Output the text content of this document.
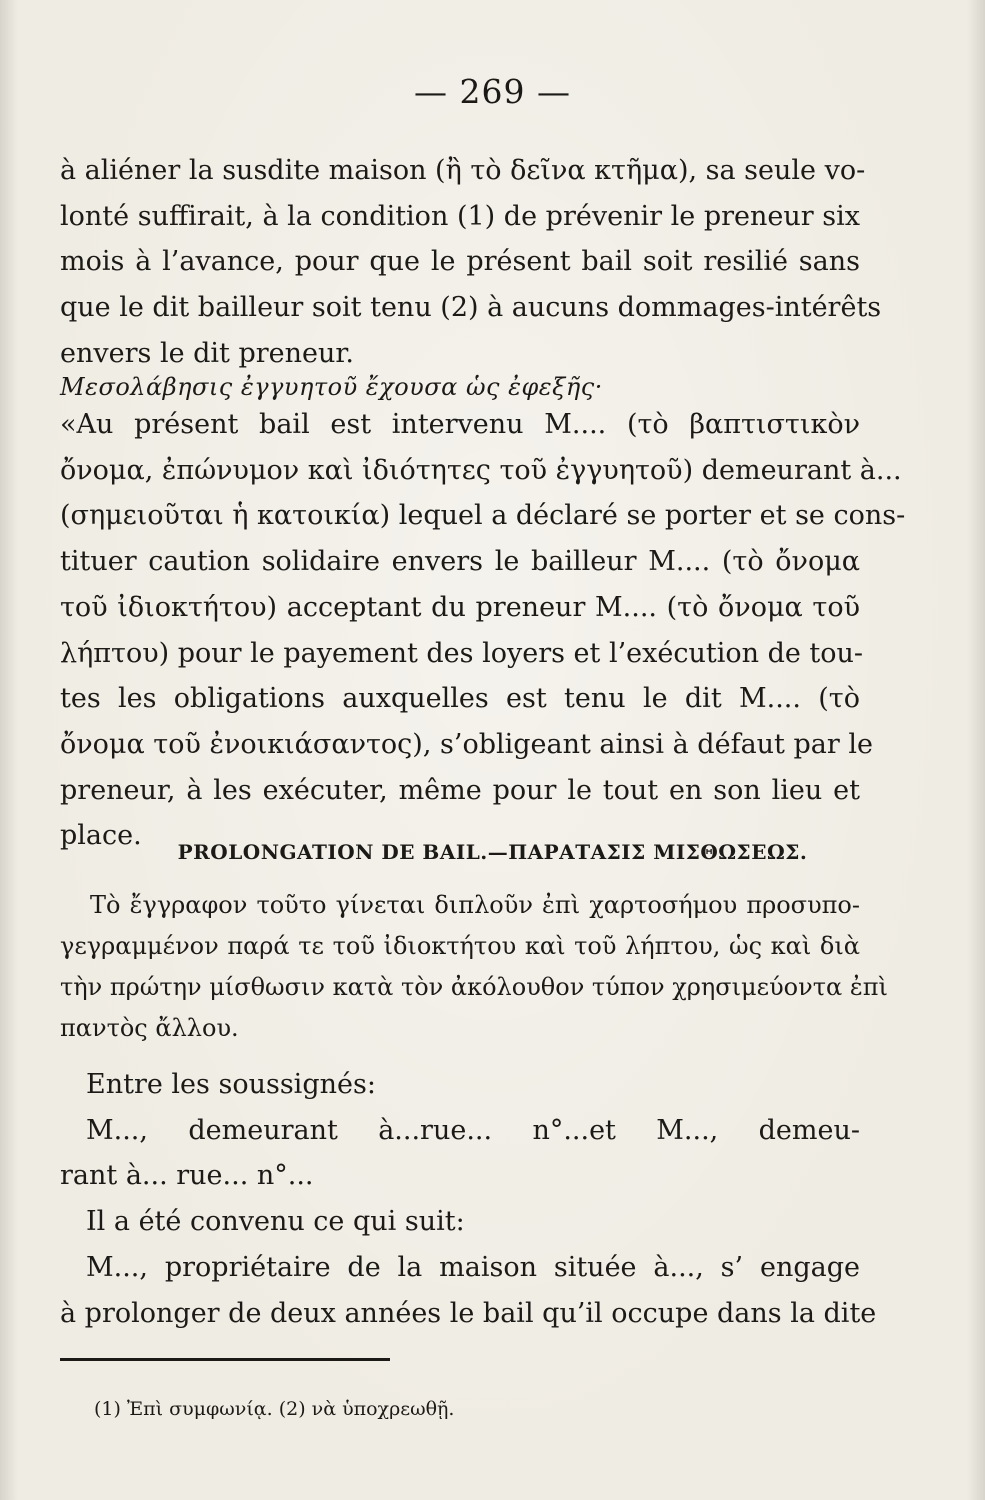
— 269 —
à aliéner la susdite maison (ἢ τὸ δεῖνα κτῆμα), sa seule vo-
lonté suffirait, à la condition (1) de prévenir le preneur six
mois à l’avance, pour que le présent bail soit resilié sans
que le dit bailleur soit tenu (2) à aucuns dommages-intérêts
envers le dit preneur.
Μεσολάβησις ἐγγυητοῦ ἔχουσα ὡς ἐφεξῆς·
«Au présent bail est intervenu M.... (τὸ βαπτιστικὸν
ὄνομα, ἐπώνυμον καὶ ἰδιότητες τοῦ ἐγγυητοῦ) demeurant à...
(σημειοῦται ἡ κατοικία) lequel a déclaré se porter et se cons-
tituer caution solidaire envers le bailleur M.... (τὸ ὄνομα
τοῦ ἰδιοκτήτου) acceptant du preneur M.... (τὸ ὄνομα τοῦ
λήπτου) pour le payement des loyers et l’exécution de tou-
tes les obligations auxquelles est tenu le dit M.... (τὸ
ὄνομα τοῦ ἐνοικιάσαντος), s’obligeant ainsi à défaut par le
preneur, à les exécuter, même pour le tout en son lieu et
place.
PROLONGATION DE BAIL.—ΠΑΡΑΤΑΣΙΣ ΜΙΣΘΩΣΕΩΣ.
Τὸ ἔγγραφον τοῦτο γίνεται διπλοῦν ἐπὶ χαρτοσήμου προσυπο-
γεγραμμένον παρά τε τοῦ ἰδιοκτήτου καὶ τοῦ λήπτου, ὡς καὶ διὰ
τὴν πρώτην μίσθωσιν κατὰ τὸν ἀκόλουθον τύπον χρησιμεύοντα ἐπὶ
παντὸς ἄλλου.
Entre les soussignés:
M..., demeurant à...rue... n°...et M..., demeu-
rant à... rue... n°...
Il a été convenu ce qui suit:
M..., propriétaire de la maison située à..., s’ engage
à prolonger de deux années le bail qu’il occupe dans la dite
(1) Ἐπὶ συμφωνίᾳ. (2) νὰ ὑποχρεωθῇ.
